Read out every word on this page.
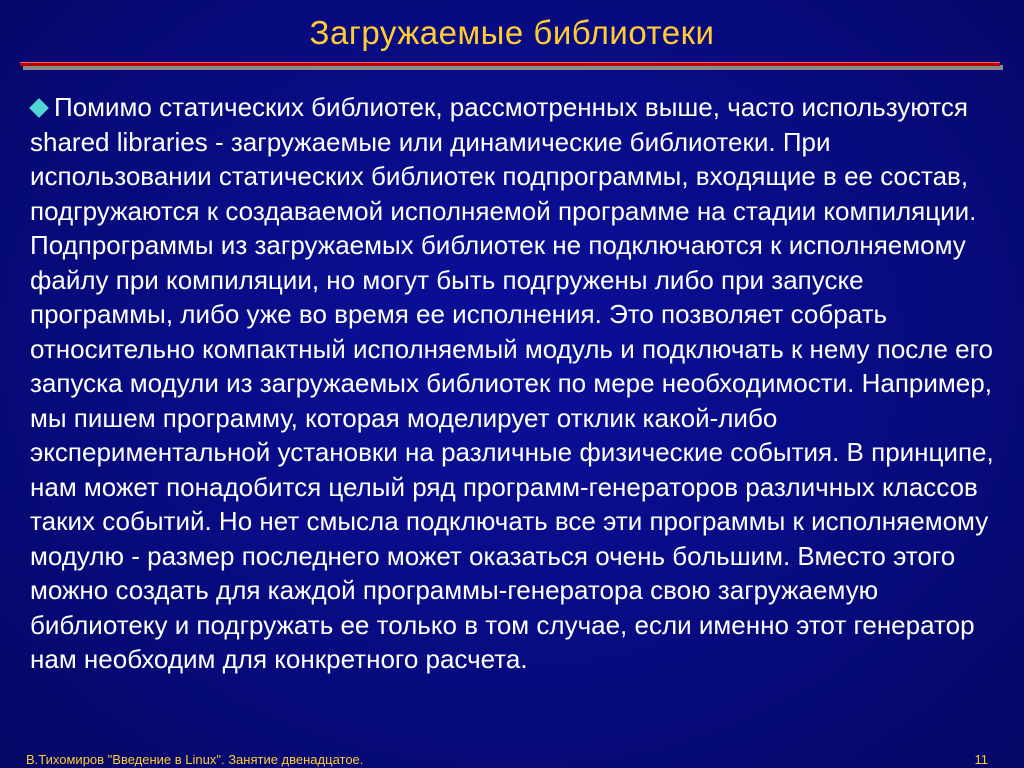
Загружаемые библиотеки
Помимо статических библиотек, рассмотренных выше, часто используются shared libraries - загружаемые или динамические библиотеки. При использовании статических библиотек подпрограммы, входящие в ее состав, подгружаются к создаваемой исполняемой программе на стадии компиляции. Подпрограммы из загружаемых библиотек не подключаются к исполняемому файлу при компиляции, но могут быть подгружены либо при запуске программы, либо уже во время ее исполнения. Это позволяет собрать относительно компактный исполняемый модуль и подключать к нему после его запуска модули из загружаемых библиотек по мере необходимости. Например, мы пишем программу, которая моделирует отклик какой-либо экспериментальной установки на различные физические события. В принципе, нам может понадобится целый ряд программ-генераторов различных классов таких событий. Но нет смысла подключать все эти программы к исполняемому модулю - размер последнего может оказаться очень большим. Вместо этого можно создать для каждой программы-генератора свою загружаемую библиотеку и подгружать ее только в том случае, если именно этот генератор нам необходим для конкретного расчета.
В.Тихомиров "Введение в Linux". Занятие двенадцатое.	11
